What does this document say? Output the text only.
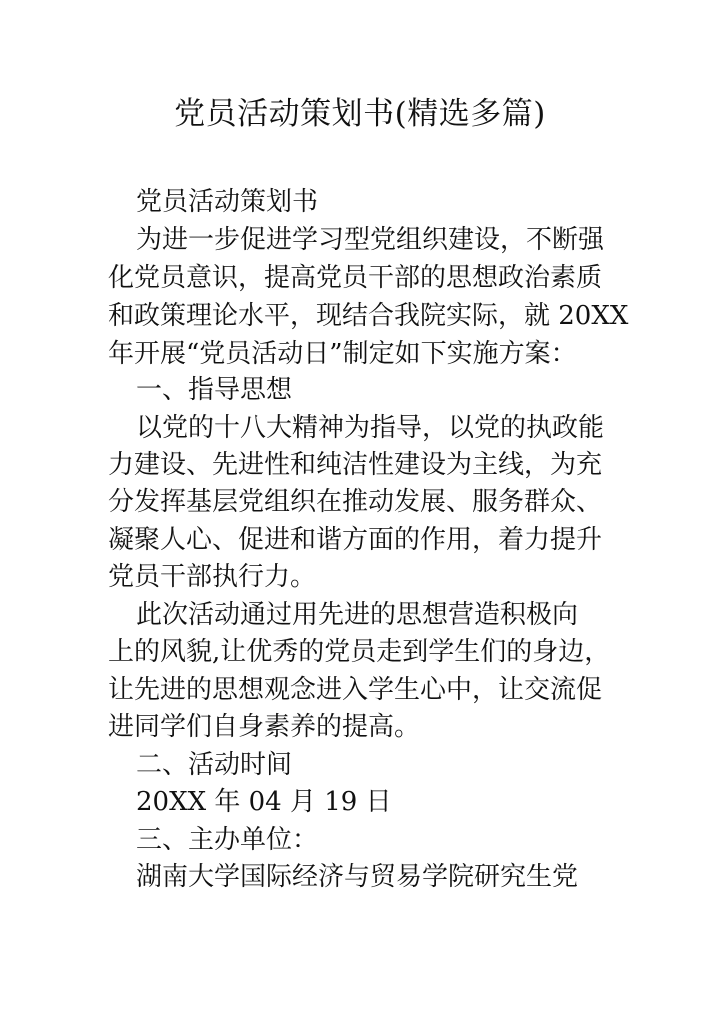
党员活动策划书(精选多篇)
党员活动策划书
为进一步促进学习型党组织建设，不断强
化党员意识，提高党员干部的思想政治素质
和政策理论水平，现结合我院实际，就 20XX
年开展“党员活动日”制定如下实施方案：
一、指导思想
以党的十八大精神为指导，以党的执政能
力建设、先进性和纯洁性建设为主线，为充
分发挥基层党组织在推动发展、服务群众、
凝聚人心、促进和谐方面的作用，着力提升
党员干部执行力。
此次活动通过用先进的思想营造积极向
上的风貌,让优秀的党员走到学生们的身边，
让先进的思想观念进入学生心中，让交流促
进同学们自身素养的提高。
二、活动时间
20XX 年 04 月 19 日
三、主办单位：
湖南大学国际经济与贸易学院研究生党
